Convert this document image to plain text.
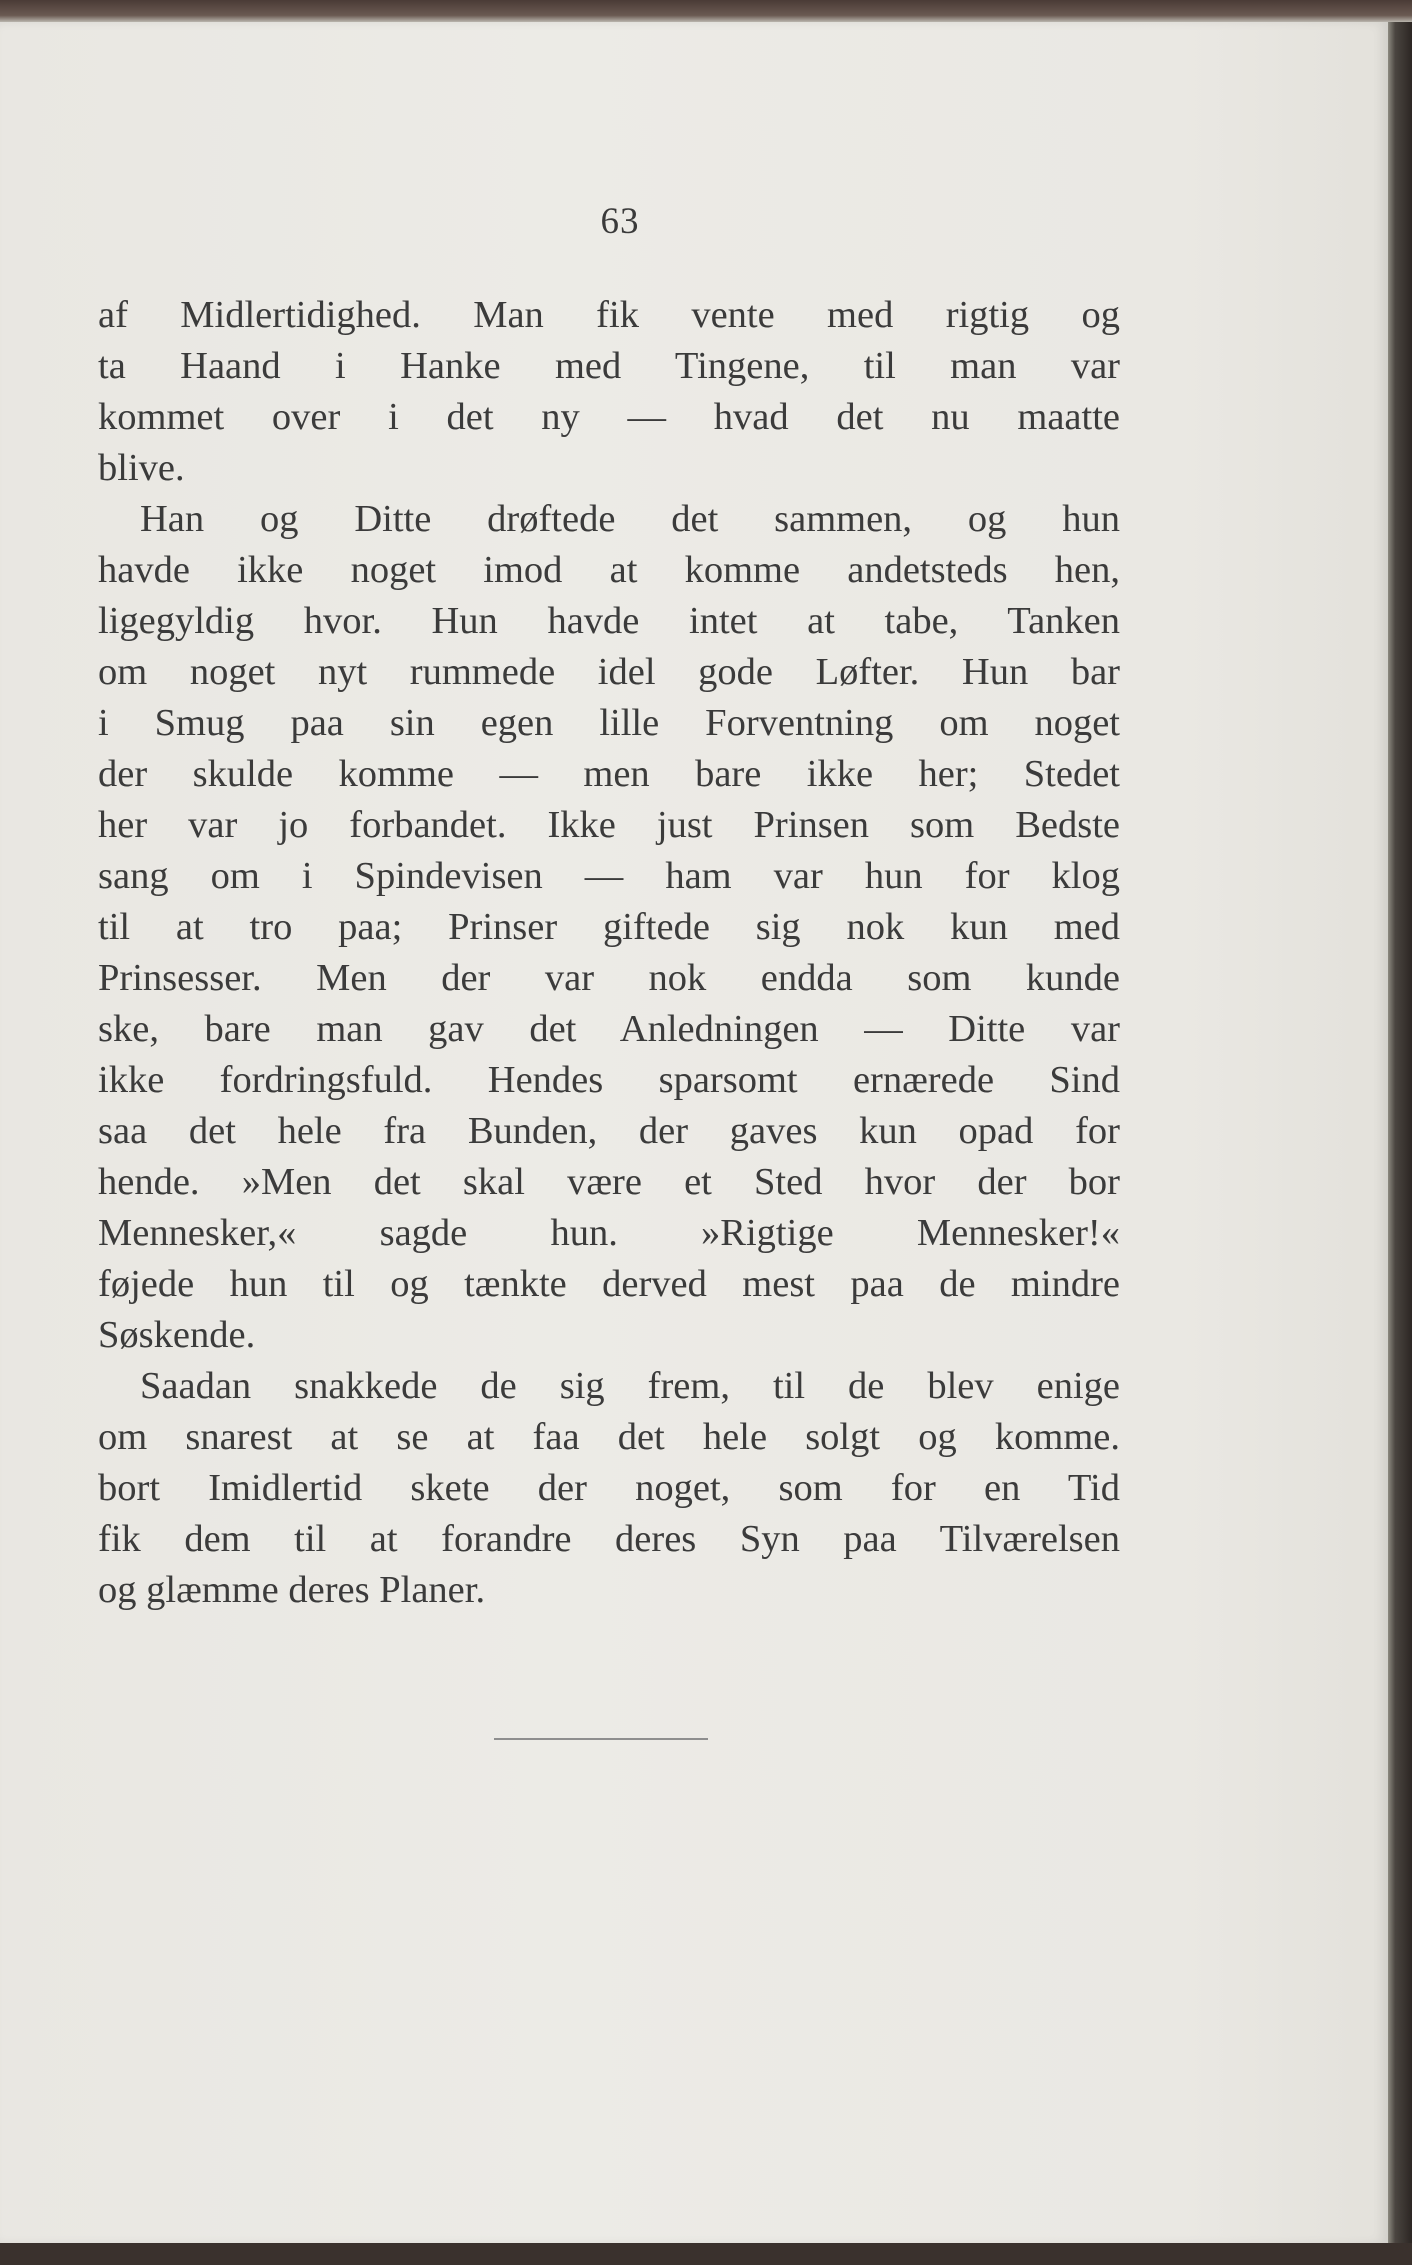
63
af Midlertidighed. Man fik vente med rigtig og
ta Haand i Hanke med Tingene, til man var
kommet over i det ny — hvad det nu maatte
blive.
Han og Ditte drøftede det sammen, og hun
havde ikke noget imod at komme andetsteds hen,
ligegyldig hvor. Hun havde intet at tabe, Tanken
om noget nyt rummede idel gode Løfter. Hun bar
i Smug paa sin egen lille Forventning om noget
der skulde komme — men bare ikke her; Stedet
her var jo forbandet. Ikke just Prinsen som Bedste
sang om i Spindevisen — ham var hun for klog
til at tro paa; Prinser giftede sig nok kun med
Prinsesser. Men der var nok endda som kunde
ske, bare man gav det Anledningen — Ditte var
ikke fordringsfuld. Hendes sparsomt ernærede Sind
saa det hele fra Bunden, der gaves kun opad for
hende. »Men det skal være et Sted hvor der bor
Mennesker,« sagde hun. »Rigtige Mennesker!«
føjede hun til og tænkte derved mest paa de mindre
Søskende.
Saadan snakkede de sig frem, til de blev enige
om snarest at se at faa det hele solgt og komme.
bort Imidlertid skete der noget, som for en Tid
fik dem til at forandre deres Syn paa Tilværelsen
og glæmme deres Planer.
